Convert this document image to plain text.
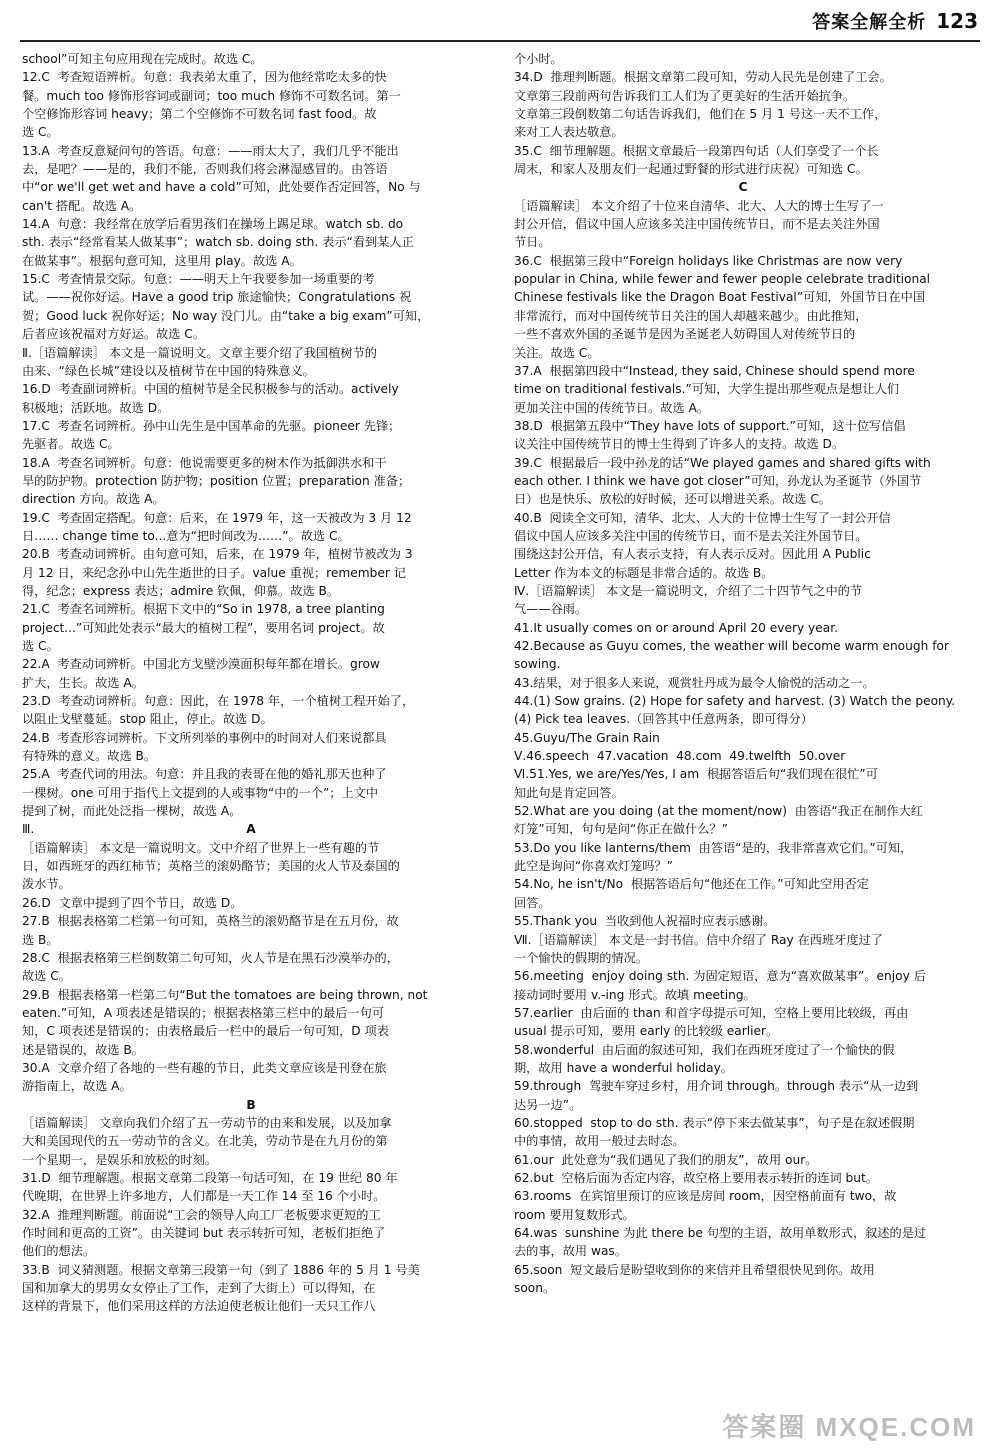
答案全解全析 123
school”可知主句应用现在完成时。故选 C。
12.C  考查短语辨析。句意：我表弟太重了，因为他经常吃太多的快
餐。much too 修饰形容词或副词；too much 修饰不可数名词。第一
个空修饰形容词 heavy；第二个空修饰不可数名词 fast food。故
选 C。
13.A  考查反意疑问句的答语。句意：——雨太大了，我们几乎不能出
去，是吧？——是的，我们不能，否则我们将会淋湿感冒的。由答语
中“or we'll get wet and have a cold”可知，此处要作否定回答，No 与
can't 搭配。故选 A。
14.A  句意：我经常在放学后看男孩们在操场上踢足球。watch sb. do
sth. 表示“经常看某人做某事”；watch sb. doing sth. 表示“看到某人正
在做某事”。根据句意可知，这里用 play。故选 A。
15.C  考查情景交际。句意：——明天上午我要参加一场重要的考
试。——祝你好运。Have a good trip 旅途愉快；Congratulations 祝
贺；Good luck 祝你好运；No way 没门儿。由“take a big exam”可知，
后者应该祝福对方好运。故选 C。
Ⅱ.［语篇解读］ 本文是一篇说明文。文章主要介绍了我国植树节的
由来、“绿色长城”建设以及植树节在中国的特殊意义。
16.D  考查副词辨析。中国的植树节是全民积极参与的活动。actively
积极地；活跃地。故选 D。
17.C  考查名词辨析。孙中山先生是中国革命的先驱。pioneer 先锋；
先驱者。故选 C。
18.A  考查名词辨析。句意：他说需要更多的树木作为抵御洪水和干
旱的防护物。protection 防护物；position 位置；preparation 准备；
direction 方向。故选 A。
19.C  考查固定搭配。句意：后来，在 1979 年，这一天被改为 3 月 12
日…… change time to...意为“把时间改为……”。故选 C。
20.B  考查动词辨析。由句意可知，后来，在 1979 年，植树节被改为 3
月 12 日，来纪念孙中山先生逝世的日子。value 重视；remember 记
得，纪念；express 表达；admire 钦佩，仰慕。故选 B。
21.C  考查名词辨析。根据下文中的“So in 1978, a tree planting
project...”可知此处表示“最大的植树工程”，要用名词 project。故
选 C。
22.A  考查动词辨析。中国北方戈壁沙漠面积每年都在增长。grow
扩大，生长。故选 A。
23.D  考查动词辨析。句意：因此，在 1978 年，一个植树工程开始了，
以阻止戈壁蔓延。stop 阻止，停止。故选 D。
24.B  考查形容词辨析。下文所列举的事例中的时间对人们来说都具
有特殊的意义。故选 B。
25.A  考查代词的用法。句意：并且我的表哥在他的婚礼那天也种了
一棵树。one 可用于指代上文提到的人或事物“中的一个”；上文中
提到了树，而此处泛指一棵树，故选 A。
Ⅲ.	A
［语篇解读］ 本文是一篇说明文。文中介绍了世界上一些有趣的节
日，如西班牙的西红柿节；英格兰的滚奶酪节；美国的火人节及泰国的
泼水节。
26.D  文章中提到了四个节日，故选 D。
27.B  根据表格第二栏第一句可知，英格兰的滚奶酪节是在五月份，故
选 B。
28.C  根据表格第三栏倒数第二句可知，火人节是在黑石沙漠举办的，
故选 C。
29.B  根据表格第一栏第二句“But the tomatoes are being thrown, not
eaten.”可知，A 项表述是错误的；根据表格第三栏中的最后一句可
知，C 项表述是错误的；由表格最后一栏中的最后一句可知，D 项表
述是错误的，故选 B。
30.A  文章介绍了各地的一些有趣的节日，此类文章应该是刊登在旅
游指南上，故选 A。
B
［语篇解读］ 文章向我们介绍了五一劳动节的由来和发展，以及加拿
大和美国现代的五一劳动节的含义。在北美，劳动节是在九月份的第
一个星期一，是娱乐和放松的时刻。
31.D  细节理解题。根据文章第二段第一句话可知，在 19 世纪 80 年
代晚期，在世界上许多地方，人们都是一天工作 14 至 16 个小时。
32.A  推理判断题。前面说“工会的领导人向工厂老板要求更短的工
作时间和更高的工资”。由关键词 but 表示转折可知，老板们拒绝了
他们的想法。
33.B  词义猜测题。根据文章第三段第一句（到了 1886 年的 5 月 1 号美
国和加拿大的男男女女停止了工作，走到了大街上）可以得知，在
这样的背景下，他们采用这样的方法迫使老板让他们一天只工作八
个小时。
34.D  推理判断题。根据文章第二段可知，劳动人民先是创建了工会。
文章第三段前两句告诉我们工人们为了更美好的生活开始抗争。
文章第三段倒数第二句话告诉我们，他们在 5 月 1 号这一天不工作，
来对工人表达敬意。
35.C  细节理解题。根据文章最后一段第四句话（人们享受了一个长
周末，和家人及朋友们一起通过野餐的形式进行庆祝）可知选 C。
C
［语篇解读］ 本文介绍了十位来自清华、北大、人大的博士生写了一
封公开信，倡议中国人应该多关注中国传统节日，而不是去关注外国
节日。
36.C  根据第三段中“Foreign holidays like Christmas are now very
popular in China, while fewer and fewer people celebrate traditional
Chinese festivals like the Dragon Boat Festival”可知，外国节日在中国
非常流行，而对中国传统节日关注的国人却越来越少。由此推知，
一些不喜欢外国的圣诞节是因为圣诞老人妨碍国人对传统节日的
关注。故选 C。
37.A  根据第四段中“Instead, they said, Chinese should spend more
time on traditional festivals.”可知，大学生提出那些观点是想让人们
更加关注中国的传统节日。故选 A。
38.D  根据第五段中“They have lots of support.”可知，这十位写信倡
议关注中国传统节日的博士生得到了许多人的支持。故选 D。
39.C  根据最后一段中孙龙的话“We played games and shared gifts with
each other. I think we have got closer”可知，孙龙认为圣诞节（外国节
日）也是快乐、放松的好时候，还可以增进关系。故选 C。
40.B  阅读全文可知，清华、北大、人大的十位博士生写了一封公开信
倡议中国人应该多关注中国的传统节日，而不是去关注外国节日。
围绕这封公开信，有人表示支持，有人表示反对。因此用 A Public
Letter 作为本文的标题是非常合适的。故选 B。
Ⅳ.［语篇解读］ 本文是一篇说明文，介绍了二十四节气之中的节
气——谷雨。
41.It usually comes on or around April 20 every year.
42.Because as Guyu comes, the weather will become warm enough for
sowing.
43.结果，对于很多人来说，观赏牡丹成为最令人愉悦的活动之一。
44.(1) Sow grains. (2) Hope for safety and harvest. (3) Watch the peony.
(4) Pick tea leaves.（回答其中任意两条，即可得分）
45.Guyu/The Grain Rain
Ⅴ.46.speech  47.vacation  48.com  49.twelfth  50.over
Ⅵ.51.Yes, we are/Yes/Yes, I am  根据答语后句“我们现在很忙”可
知此句是肯定回答。
52.What are you doing (at the moment/now)  由答语“我正在制作大红
灯笼”可知，句句是问“你正在做什么？”
53.Do you like lanterns/them  由答语“是的，我非常喜欢它们。”可知，
此空是询问“你喜欢灯笼吗？”
54.No, he isn't/No  根据答语后句“他还在工作。”可知此空用否定
回答。
55.Thank you  当收到他人祝福时应表示感谢。
Ⅶ.［语篇解读］ 本文是一封书信。信中介绍了 Ray 在西班牙度过了
一个愉快的假期的情况。
56.meeting  enjoy doing sth. 为固定短语，意为“喜欢做某事”。enjoy 后
接动词时要用 v.-ing 形式。故填 meeting。
57.earlier  由后面的 than 和首字母提示可知，空格上要用比较级，再由
usual 提示可知，要用 early 的比较级 earlier。
58.wonderful  由后面的叙述可知，我们在西班牙度过了一个愉快的假
期，故用 have a wonderful holiday。
59.through  驾驶车穿过乡村，用介词 through。through 表示“从一边到
达另一边”。
60.stopped  stop to do sth. 表示“停下来去做某事”，句子是在叙述假期
中的事情，故用一般过去时态。
61.our  此处意为“我们遇见了我们的朋友”，故用 our。
62.but  空格后面为否定内容，故空格上要用表示转折的连词 but。
63.rooms  在宾馆里预订的应该是房间 room，因空格前面有 two，故
room 要用复数形式。
64.was  sunshine 为此 there be 句型的主语，故用单数形式，叙述的是过
去的事，故用 was。
65.soon  短文最后是盼望收到你的来信并且希望很快见到你。故用
soon。
答案圈 MXQE.COM
